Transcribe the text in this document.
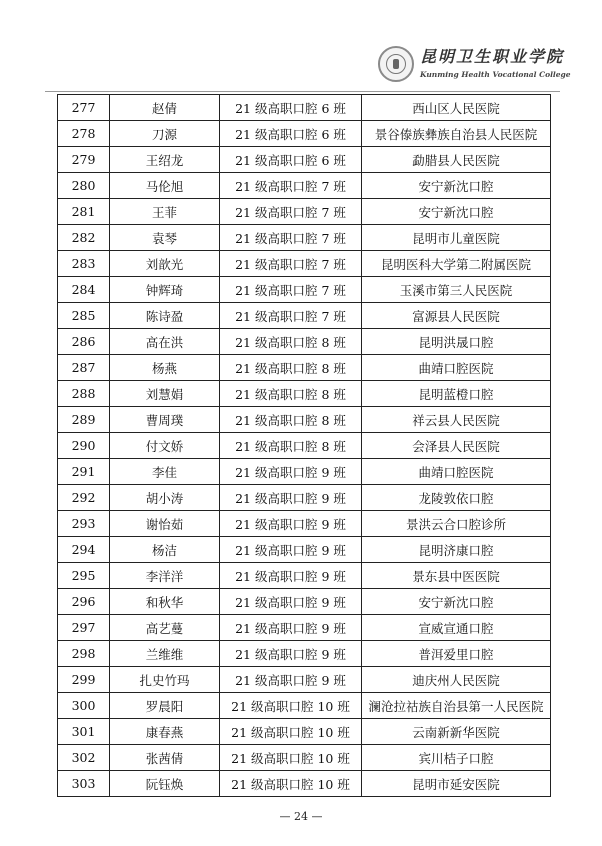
昆明卫生职业学院
Kunming Health Vocational College
277	赵倩	21 级高职口腔 6 班	西山区人民医院
278	刀源	21 级高职口腔 6 班	景谷傣族彝族自治县人民医院
279	王绍龙	21 级高职口腔 6 班	勐腊县人民医院
280	马伦旭	21 级高职口腔 7 班	安宁新沈口腔
281	王菲	21 级高职口腔 7 班	安宁新沈口腔
282	袁琴	21 级高职口腔 7 班	昆明市儿童医院
283	刘歆光	21 级高职口腔 7 班	昆明医科大学第二附属医院
284	钟辉琦	21 级高职口腔 7 班	玉溪市第三人民医院
285	陈诗盈	21 级高职口腔 7 班	富源县人民医院
286	高在洪	21 级高职口腔 8 班	昆明洪晟口腔
287	杨燕	21 级高职口腔 8 班	曲靖口腔医院
288	刘慧娟	21 级高职口腔 8 班	昆明蓝橙口腔
289	曹周璞	21 级高职口腔 8 班	祥云县人民医院
290	付文娇	21 级高职口腔 8 班	会泽县人民医院
291	李佳	21 级高职口腔 9 班	曲靖口腔医院
292	胡小涛	21 级高职口腔 9 班	龙陵敦依口腔
293	谢怡茹	21 级高职口腔 9 班	景洪云合口腔诊所
294	杨洁	21 级高职口腔 9 班	昆明济康口腔
295	李洋洋	21 级高职口腔 9 班	景东县中医医院
296	和秋华	21 级高职口腔 9 班	安宁新沈口腔
297	高艺蔓	21 级高职口腔 9 班	宣威宣通口腔
298	兰维维	21 级高职口腔 9 班	普洱爱里口腔
299	扎史竹玛	21 级高职口腔 9 班	迪庆州人民医院
300	罗晨阳	21 级高职口腔 10 班	澜沧拉祜族自治县第一人民医院
301	康春燕	21 级高职口腔 10 班	云南新新华医院
302	张茜倩	21 级高职口腔 10 班	宾川桔子口腔
303	阮钰焕	21 级高职口腔 10 班	昆明市延安医院
— 24 —
